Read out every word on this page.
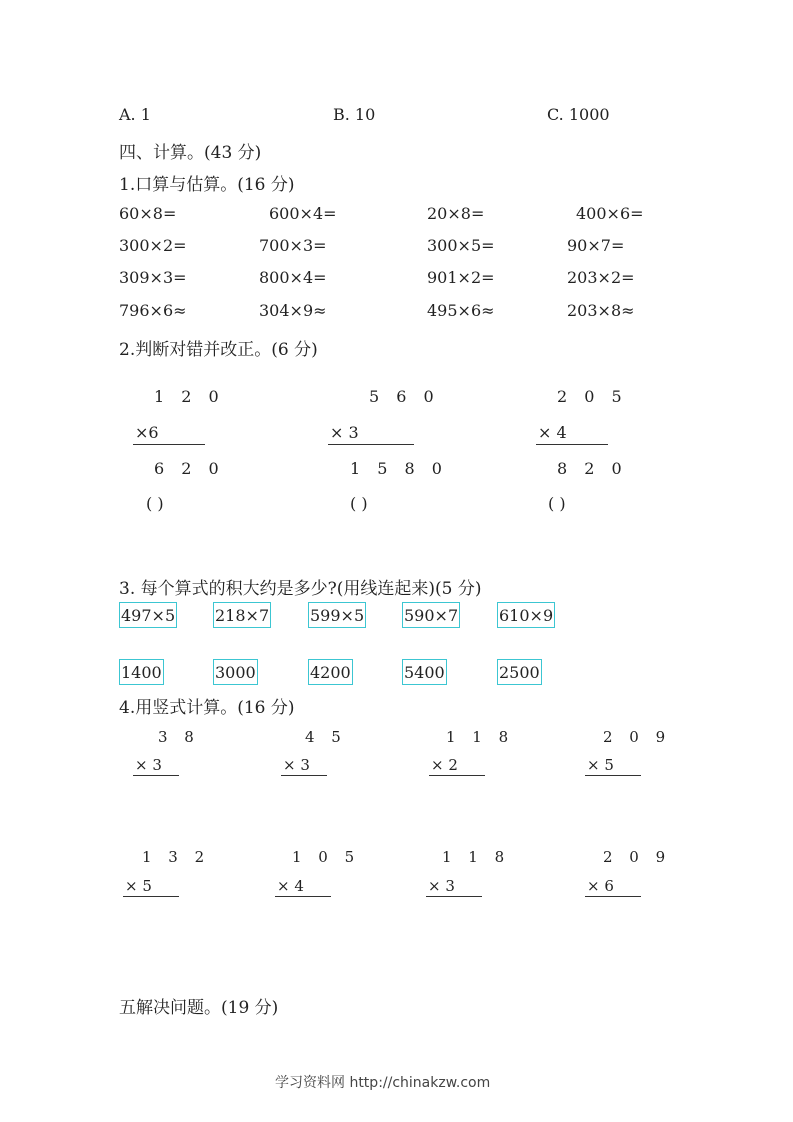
A. 1	B. 10	C. 1000
四、计算。(43 分)
1.口算与估算。(16 分)
60×8=	600×4=	20×8=	400×6=
300×2=	700×3=	300×5=	90×7=
309×3=	800×4=	901×2=	203×2=
796×6≈	304×9≈	495×6≈	203×8≈
2.判断对错并改正。(6 分)
1 2 0
×6
6 2 0
( )
5 6 0
× 3
1 5 8 0
( )
2 0 5
× 4
8 2 0
( )
3. 每个算式的积大约是多少?(用线连起来)(5 分)
497×5 218×7	599×5 590×7	610×9
1400	3000	4200	5400	2500
4.用竖式计算。(16 分)
3 8
× 3
4 5
× 3
1 1 8
× 2
2 0 9
× 5
1 3 2
× 5
1 0 5
× 4
1 1 8
× 3
2 0 9
× 6
五解决问题。(19 分)
学习资料网 http://chinakzw.com
